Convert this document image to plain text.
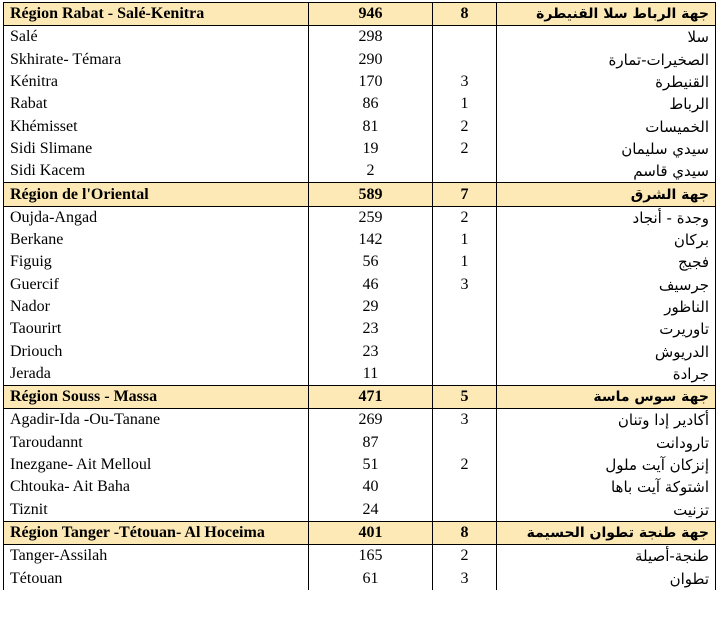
Région Rabat - Salé-Kenitra	946	8	جهة الرباط سلا القنيطرة
Salé	298		سلا
Skhirate- Témara	290		الصخيرات-تمارة
Kénitra	170	3	القنيطرة
Rabat	86	1	الرباط
Khémisset	81	2	الخميسات
Sidi Slimane	19	2	سيدي سليمان
Sidi Kacem	2		سيدي قاسم
Région de l'Oriental	589	7	جهة الشرق
Oujda-Angad	259	2	وجدة - أنجاد
Berkane	142	1	بركان
Figuig	56	1	فجيج
Guercif	46	3	جرسيف
Nador	29		الناظور
Taourirt	23		تاوريرت
Driouch	23		الدريوش
Jerada	11		جرادة
Région Souss - Massa	471	5	جهة سوس ماسة
Agadir-Ida -Ou-Tanane	269	3	أكادير إدا وتنان
Taroudannt	87		تارودانت
Inezgane- Ait Melloul	51	2	إنزكان آيت ملول
Chtouka- Ait Baha	40		اشتوكة آيت باها
Tiznit	24		تزنيت
Région Tanger -Tétouan- Al Hoceima	401	8	جهة طنجة تطوان الحسيمة
Tanger-Assilah	165	2	طنجة-أصيلة
Tétouan	61	3	تطوان
